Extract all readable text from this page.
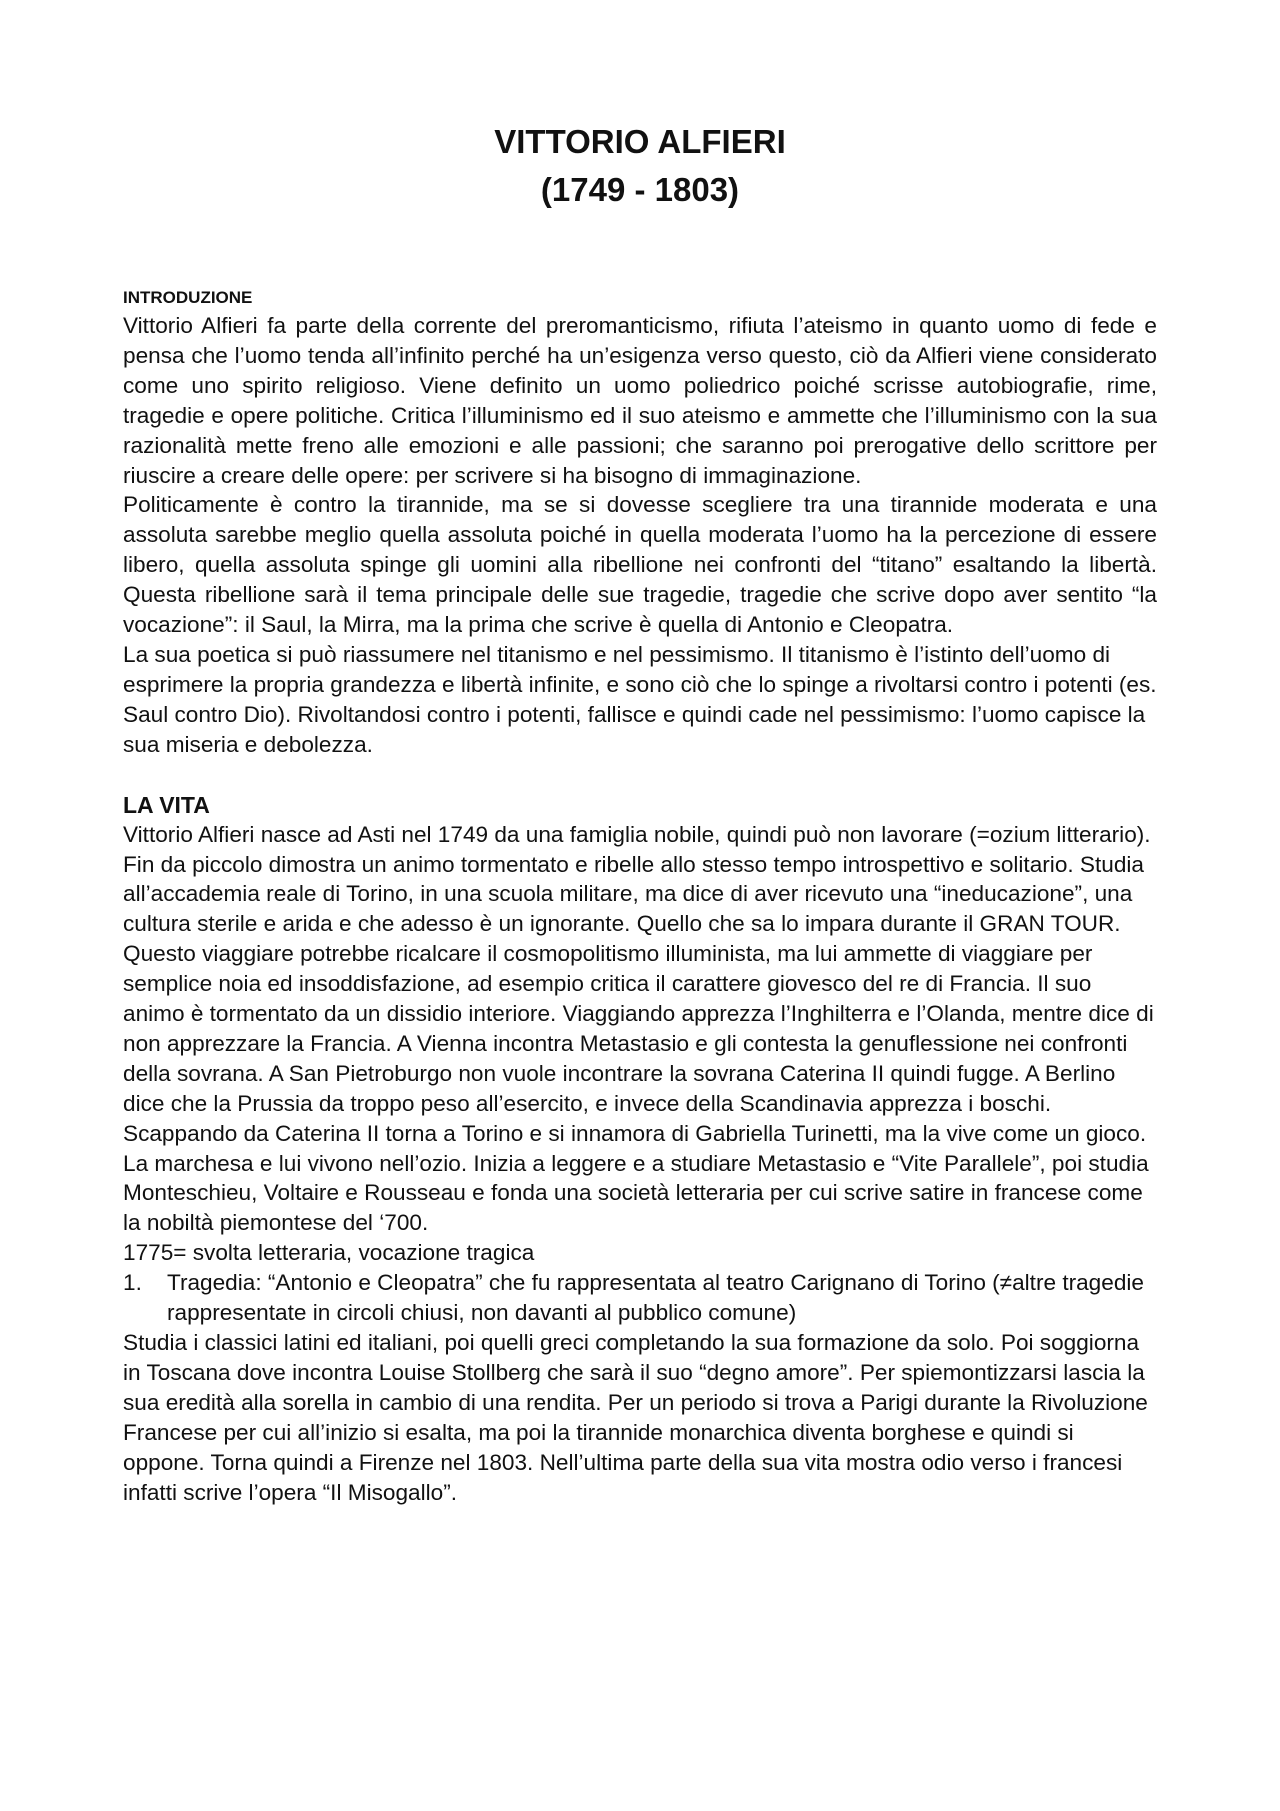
VITTORIO ALFIERI
(1749 - 1803)

INTRODUZIONE

Vittorio Alfieri fa parte della corrente del preromanticismo, rifiuta l’ateismo in quanto uomo di fede e pensa che l’uomo tenda all’infinito perché ha un’esigenza verso questo, ciò da Alfieri viene considerato come uno spirito religioso. Viene definito un uomo poliedrico poiché scrisse autobiografie, rime, tragedie e opere politiche. Critica l’illuminismo ed il suo ateismo e ammette che l’illuminismo con la sua razionalità mette freno alle emozioni e alle passioni; che saranno poi prerogative dello scrittore per riuscire a creare delle opere: per scrivere si ha bisogno di immaginazione.

Politicamente è contro la tirannide, ma se si dovesse scegliere tra una tirannide moderata e una assoluta sarebbe meglio quella assoluta poiché in quella moderata l’uomo ha la percezione di essere libero, quella assoluta spinge gli uomini alla ribellione nei confronti del “titano” esaltando la libertà. Questa ribellione sarà il tema principale delle sue tragedie, tragedie che scrive dopo aver sentito “la vocazione”: il Saul, la Mirra, ma la prima che scrive è quella di Antonio e Cleopatra.

La sua poetica si può riassumere nel titanismo e nel pessimismo. Il titanismo è l’istinto dell’uomo di esprimere la propria grandezza e libertà infinite, e sono ciò che lo spinge a rivoltarsi contro i potenti (es. Saul contro Dio). Rivoltandosi contro i potenti, fallisce e quindi cade nel pessimismo: l’uomo capisce la sua miseria e debolezza.

LA VITA

Vittorio Alfieri nasce ad Asti nel 1749 da una famiglia nobile, quindi può non lavorare (=ozium litterario). Fin da piccolo dimostra un animo tormentato e ribelle allo stesso tempo introspettivo e solitario. Studia all’accademia reale di Torino, in una scuola militare, ma dice di aver ricevuto una “ineducazione”, una cultura sterile e arida e che adesso è un ignorante. Quello che sa lo impara durante il GRAN TOUR. Questo viaggiare potrebbe ricalcare il cosmopolitismo illuminista, ma lui ammette di viaggiare per semplice noia ed insoddisfazione, ad esempio critica il carattere giovesco del re di Francia. Il suo animo è tormentato da un dissidio interiore. Viaggiando apprezza l’Inghilterra e l’Olanda, mentre dice di non apprezzare la Francia. A Vienna incontra Metastasio e gli contesta la genuflessione nei confronti della sovrana. A San Pietroburgo non vuole incontrare la sovrana Caterina II quindi fugge. A Berlino dice che la Prussia da troppo peso all’esercito, e invece della Scandinavia apprezza i boschi. Scappando da Caterina II torna a Torino e si innamora di Gabriella Turinetti, ma la vive come un gioco. La marchesa e lui vivono nell’ozio. Inizia a leggere e a studiare Metastasio e “Vite Parallele”, poi studia Monteschieu, Voltaire e Rousseau e fonda una società letteraria per cui scrive satire in francese come la nobiltà piemontese del ‘700.

1775= svolta letteraria, vocazione tragica

1. Tragedia: “Antonio e Cleopatra” che fu rappresentata al teatro Carignano di Torino (≠altre tragedie rappresentate in circoli chiusi, non davanti al pubblico comune)

Studia i classici latini ed italiani, poi quelli greci completando la sua formazione da solo. Poi soggiorna in Toscana dove incontra Louise Stollberg che sarà il suo “degno amore”. Per spiemontizzarsi lascia la sua eredità alla sorella in cambio di una rendita. Per un periodo si trova a Parigi durante la Rivoluzione Francese per cui all’inizio si esalta, ma poi la tirannide monarchica diventa borghese e quindi si oppone. Torna quindi a Firenze nel 1803. Nell’ultima parte della sua vita mostra odio verso i francesi infatti scrive l’opera “Il Misogallo”.
